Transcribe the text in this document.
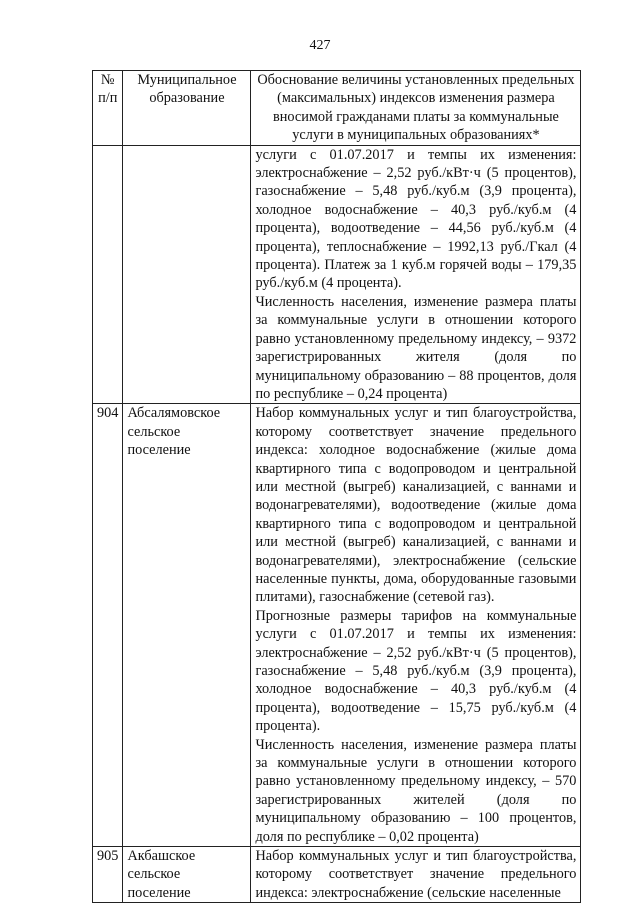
427
№ п/п	Муниципальное образование	Обоснование величины установленных предельных (максимальных) индексов изменения размера вносимой гражданами платы за коммунальные услуги в муниципальных образованиях*

		услуги с 01.07.2017 и темпы их изменения: электроснабжение – 2,52 руб./кВт·ч (5 процентов), газоснабжение – 5,48 руб./куб.м (3,9 процента), холодное водоснабжение – 40,3 руб./куб.м (4 процента), водоотведение – 44,56 руб./куб.м (4 процента), теплоснабжение – 1992,13 руб./Гкал (4 процента). Платеж за 1 куб.м горячей воды – 179,35 руб./куб.м (4 процента).
Численность населения, изменение размера платы за коммунальные услуги в отношении которого равно установленному предельному индексу, – 9372 зарегистрированных жителя (доля по муниципальному образованию – 88 процентов, доля по республике – 0,24 процента)

904	Абсалямовское сельское поселение	Набор коммунальных услуг и тип благоустройства, которому соответствует значение предельного индекса: холодное водоснабжение (жилые дома квартирного типа с водопроводом и центральной или местной (выгреб) канализацией, с ваннами и водонагревателями), водоотведение (жилые дома квартирного типа с водопроводом и центральной или местной (выгреб) канализацией, с ваннами и водонагревателями), электроснабжение (сельские населенные пункты, дома, оборудованные газовыми плитами), газоснабжение (сетевой газ).
Прогнозные размеры тарифов на коммунальные услуги с 01.07.2017 и темпы их изменения: электроснабжение – 2,52 руб./кВт·ч (5 процентов), газоснабжение – 5,48 руб./куб.м (3,9 процента), холодное водоснабжение – 40,3 руб./куб.м (4 процента), водоотведение – 15,75 руб./куб.м (4 процента).
Численность населения, изменение размера платы за коммунальные услуги в отношении которого равно установленному предельному индексу, – 570 зарегистрированных жителей (доля по муниципальному образованию – 100 процентов, доля по республике – 0,02 процента)

905	Акбашское сельское поселение	Набор коммунальных услуг и тип благоустройства, которому соответствует значение предельного индекса: электроснабжение (сельские населенные
